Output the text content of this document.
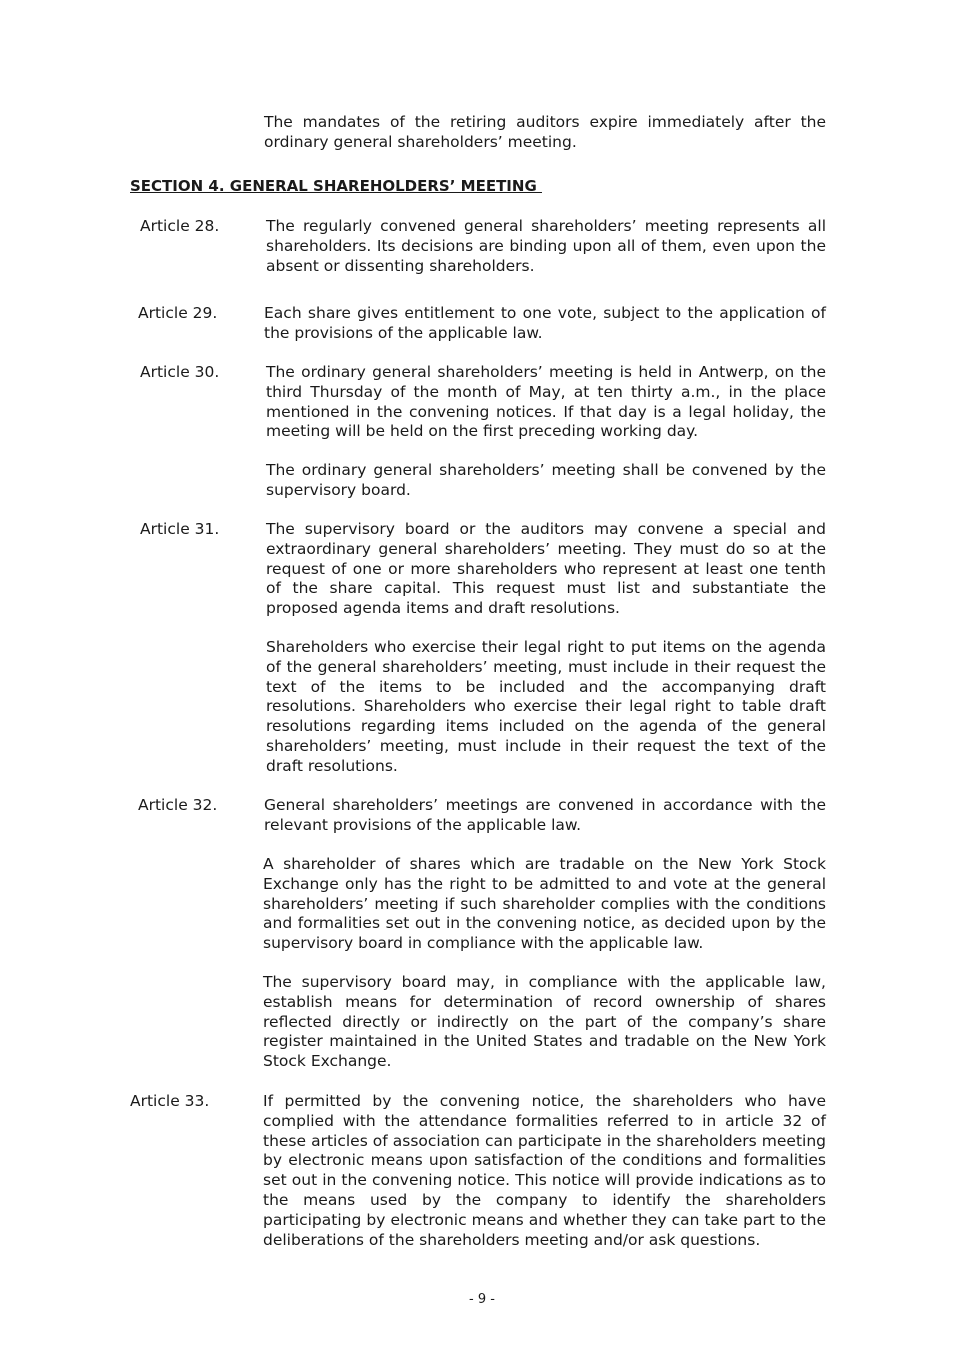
The mandates of the retiring auditors expire immediately after the ordinary general shareholders’ meeting.
SECTION 4. GENERAL SHAREHOLDERS’ MEETING
Article 28.	The regularly convened general shareholders’ meeting represents all shareholders. Its decisions are binding upon all of them, even upon the absent or dissenting shareholders.
Article 29.	Each share gives entitlement to one vote, subject to the application of the provisions of the applicable law.
Article 30.	The ordinary general shareholders’ meeting is held in Antwerp, on the third Thursday of the month of May, at ten thirty a.m., in the place mentioned in the convening notices. If that day is a legal holiday, the meeting will be held on the first preceding working day.
The ordinary general shareholders’ meeting shall be convened by the supervisory board.
Article 31.	The supervisory board or the auditors may convene a special and extraordinary general shareholders’ meeting. They must do so at the request of one or more shareholders who represent at least one tenth of the share capital. This request must list and substantiate the proposed agenda items and draft resolutions.
Shareholders who exercise their legal right to put items on the agenda of the general shareholders’ meeting, must include in their request the text of the items to be included and the accompanying draft resolutions. Shareholders who exercise their legal right to table draft resolutions regarding items included on the agenda of the general shareholders’ meeting, must include in their request the text of the draft resolutions.
Article 32.	General shareholders’ meetings are convened in accordance with the relevant provisions of the applicable law.
A shareholder of shares which are tradable on the New York Stock Exchange only has the right to be admitted to and vote at the general shareholders’ meeting if such shareholder complies with the conditions and formalities set out in the convening notice, as decided upon by the supervisory board in compliance with the applicable law.
The supervisory board may, in compliance with the applicable law, establish means for determination of record ownership of shares reflected directly or indirectly on the part of the company’s share register maintained in the United States and tradable on the New York Stock Exchange.
Article 33.	If permitted by the convening notice, the shareholders who have complied with the attendance formalities referred to in article 32 of these articles of association can participate in the shareholders meeting by electronic means upon satisfaction of the conditions and formalities set out in the convening notice. This notice will provide indications as to the means used by the company to identify the shareholders participating by electronic means and whether they can take part to the deliberations of the shareholders meeting and/or ask questions.
- 9 -
